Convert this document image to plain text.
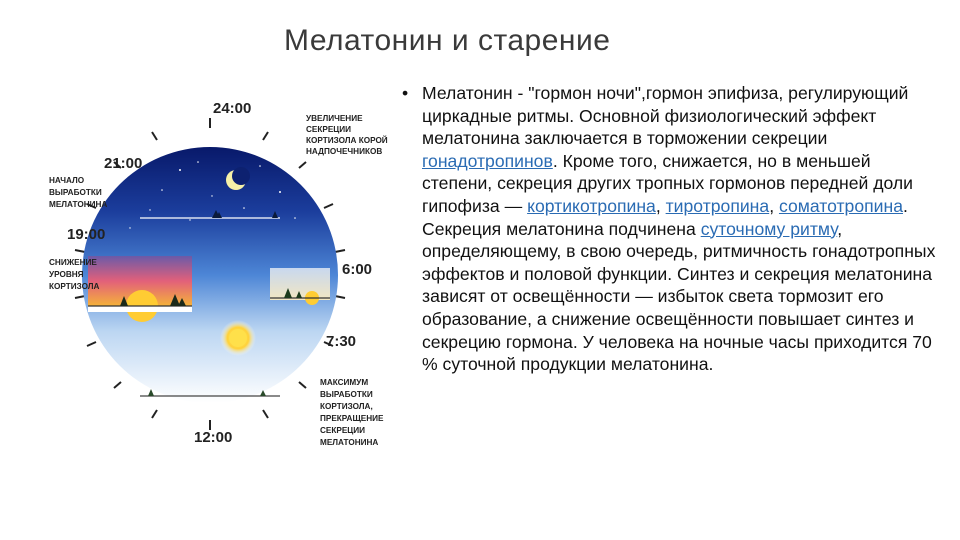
Мелатонин и старение
24:00
21:00
19:00
6:00
7:30
12:00
УВЕЛИЧЕНИЕ
СЕКРЕЦИИ
КОРТИЗОЛА КОРОЙ
НАДПОЧЕЧНИКОВ
НАЧАЛО
ВЫРАБОТКИ
МЕЛАТОНИНА
СНИЖЕНИЕ
УРОВНЯ
КОРТИЗОЛА
МАКСИМУМ
ВЫРАБОТКИ
КОРТИЗОЛА,
ПРЕКРАЩЕНИЕ
СЕКРЕЦИИ
МЕЛАТОНИНА
• Мелатонин - "гормон ночи",гормон эпифиза, регулирующий циркадные ритмы. Основной физиологический эффект мелатонина заключается в торможении секреции гонадотропинов. Кроме того, снижается, но в меньшей степени, секреция других тропных гормонов передней доли гипофиза — кортикотропина, тиротропина, соматотропина.
Секреция мелатонина подчинена суточному ритму, определяющему, в свою очередь, ритмичность гонадотропных эффектов и половой функции. Синтез и секреция мелатонина зависят от освещённости — избыток света тормозит его образование, а снижение освещённости повышает синтез и секрецию гормона. У человека на ночные часы приходится 70 % суточной продукции мелатонина.
